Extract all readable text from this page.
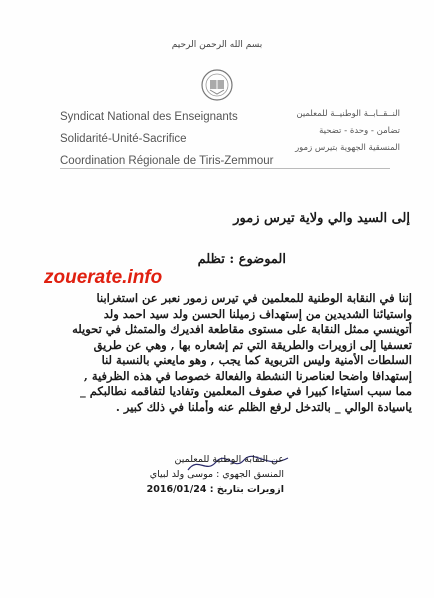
بسم الله الرحمن الرحيم
Syndicat National des Enseignants
Solidarité-Unité-Sacrifice
Coordination Régionale de Tiris-Zemmour
النــقــابــة الوطنيــة للمعلمين
تضامن - وحدة - تضحية
المنسقية الجهوية بتيرس زمور
إلى السيد والي ولاية تيرس زمور
الموضوع : تظلم
zouerate.info
إننا في النقابة الوطنية للمعلمين في تيرس زمور نعبر عن استغرابنا
واستيائنا الشديدين من إستهداف زميلنا الحسن ولد سيد احمد ولد
أتوينسي ممثل النقابة على مستوى مقاطعة افديرك والمتمثل في تحويله
تعسفيا إلى ازويرات والطريقة التي تم إشعاره بها , وهي عن طريق
السلطات الأمنية وليس التربوية كما يجب , وهو مايعني بالنسبة لنا
إستهدافا واضحا لعناصرنا النشطة والفعالة خصوصا في هذه الظرفية ,
مما سبب استياءا كبيرا في صفوف المعلمين وتفاديا لتفاقمه نطالبكم _
ياسيادة الوالي _ بالتدخل لرفع الظلم عنه وأملنا في ذلك كبير .
عن النقابة الوطنية للمعلمين
المنسق الجهوي : موسى ولد لبياي
ازويرات بتاريخ : 2016/01/24
